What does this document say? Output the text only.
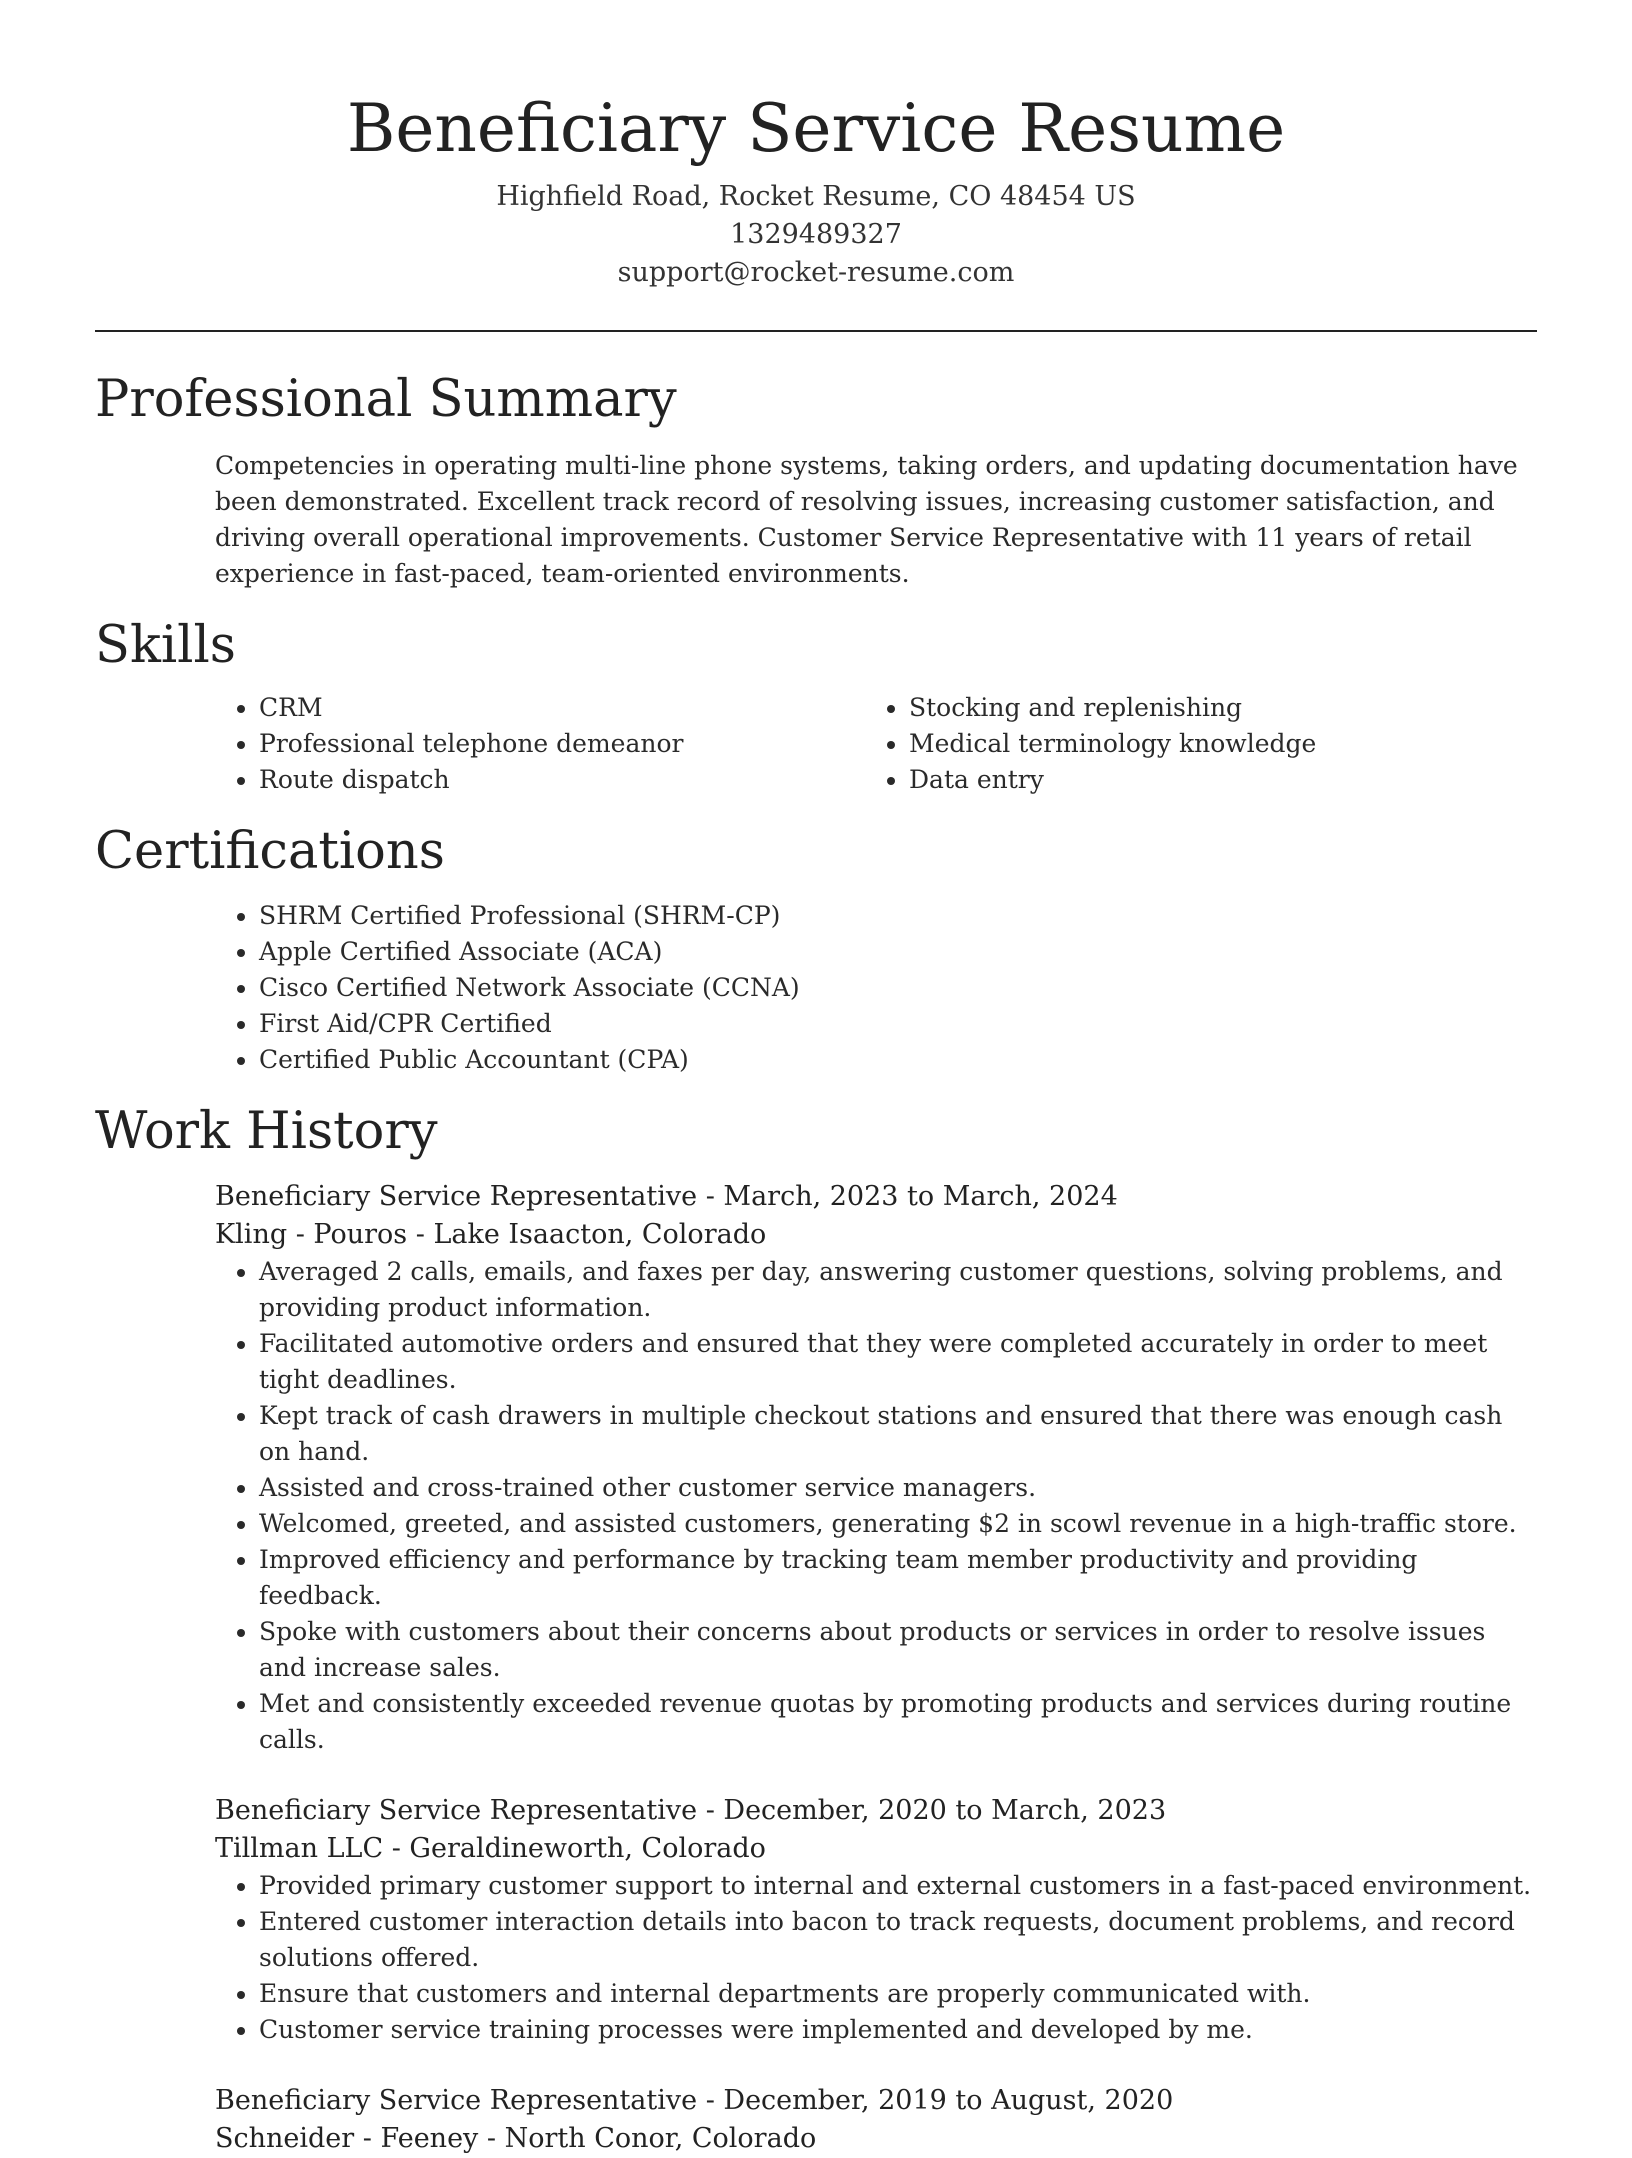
Beneficiary Service Resume
Highfield Road, Rocket Resume, CO 48454 US
1329489327
support@rocket-resume.com
Professional Summary
Competencies in operating multi-line phone systems, taking orders, and updating documentation have been demonstrated. Excellent track record of resolving issues, increasing customer satisfaction, and driving overall operational improvements. Customer Service Representative with 11 years of retail experience in fast-paced, team-oriented environments.
Skills
• CRM
• Professional telephone demeanor
• Route dispatch
• Stocking and replenishing
• Medical terminology knowledge
• Data entry
Certifications
• SHRM Certified Professional (SHRM-CP)
• Apple Certified Associate (ACA)
• Cisco Certified Network Associate (CCNA)
• First Aid/CPR Certified
• Certified Public Accountant (CPA)
Work History
Beneficiary Service Representative - March, 2023 to March, 2024
Kling - Pouros - Lake Isaacton, Colorado
• Averaged 2 calls, emails, and faxes per day, answering customer questions, solving problems, and providing product information.
• Facilitated automotive orders and ensured that they were completed accurately in order to meet tight deadlines.
• Kept track of cash drawers in multiple checkout stations and ensured that there was enough cash on hand.
• Assisted and cross-trained other customer service managers.
• Welcomed, greeted, and assisted customers, generating $2 in scowl revenue in a high-traffic store.
• Improved efficiency and performance by tracking team member productivity and providing feedback.
• Spoke with customers about their concerns about products or services in order to resolve issues and increase sales.
• Met and consistently exceeded revenue quotas by promoting products and services during routine calls.
Beneficiary Service Representative - December, 2020 to March, 2023
Tillman LLC - Geraldineworth, Colorado
• Provided primary customer support to internal and external customers in a fast-paced environment.
• Entered customer interaction details into bacon to track requests, document problems, and record solutions offered.
• Ensure that customers and internal departments are properly communicated with.
• Customer service training processes were implemented and developed by me.
Beneficiary Service Representative - December, 2019 to August, 2020
Schneider - Feeney - North Conor, Colorado
